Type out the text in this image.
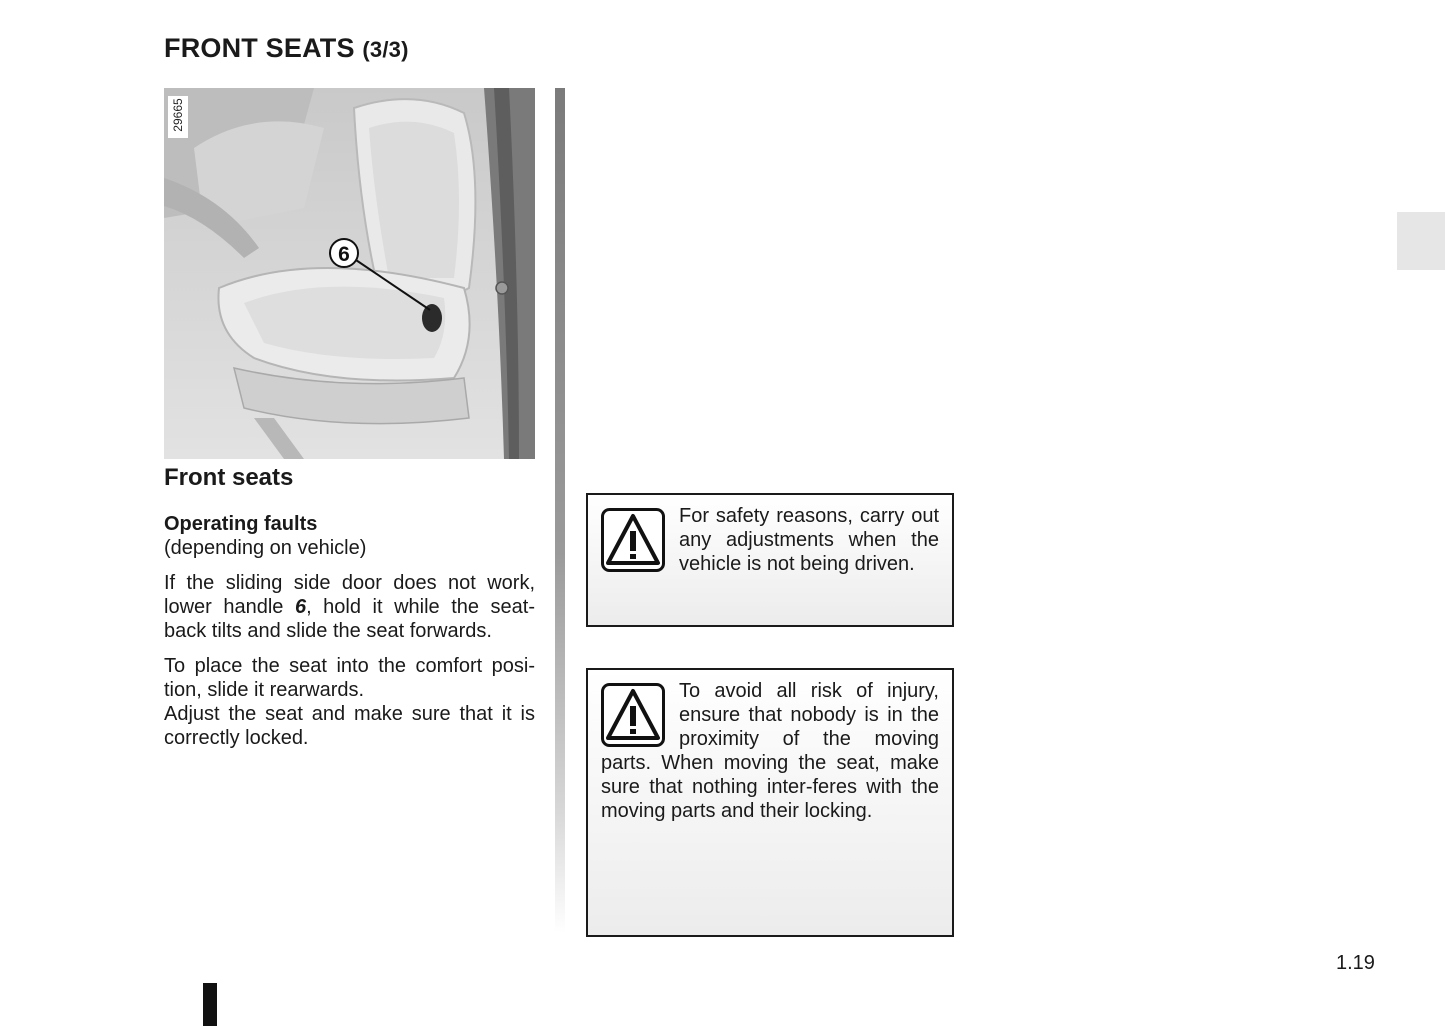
FRONT SEATS (3/3)
6
29665
Front seats

Operating faults

(depending on vehicle)

If the sliding side door does not work, lower handle 6, hold it while the seat-back tilts and slide the seat forwards.

To place the seat into the comfort posi-tion, slide it rearwards.
Adjust the seat and make sure that it is correctly locked.

For safety reasons, carry out any adjustments when the vehicle is not being driven.
To avoid all risk of injury, ensure that nobody is in the proximity of the moving parts. When moving the seat, make sure that nothing inter-feres with the moving parts and their locking.
1.19
